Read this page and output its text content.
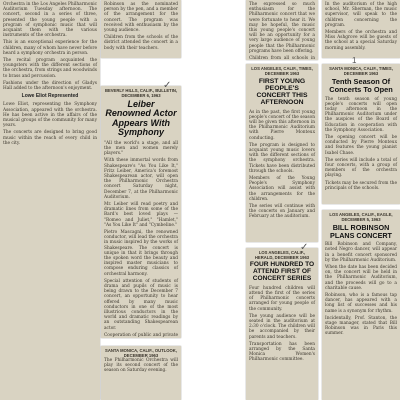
Orchestra in the Los Angeles Philharmonic Auditorium Tuesday afternoon. The concert, second in a series of three, presented the young people with a program of symphonic music that will acquaint them with the various instruments of the orchestra.

This is an exceptional experience for the children, many of whom have never before heard a symphony orchestra in person.

The recital program acquainted the youngsters with the different sections of the orchestra, from strings and woodwinds to brass and percussion.

Fashions under the direction of Gladys Hall added to the afternoon's enjoyment.

Lowe Eliot Represented

Lowe Eliot, representing the Symphony Association, appeared with the orchestra. He has been active in the affairs of the musical groups of the community for many years.

The concerts are designed to bring good music within the reach of every child in the city.

Robinson as the nominated person by the pen, and a member of the arrangement for the concert. The program was received with enthusiasm by the young audience.

Children from the schools of the district attended the concert in a body with their teachers.

BEVERLY HILLS, CALIF., BULLETIN, DECEMBER 6, 1963
Leiber Renowned Actor Appears With Symphony

"All the world's a stage, and all the men and women merely players."

With these immortal words from Shakespeare's "As You Like It," Fritz Leiber, America's foremost Shakespearean actor, will open the Philharmonic Orchestra concert Saturday night, December 7, at the Philharmonic Auditorium.

Mr. Leiber will read poetry and dramatic lines from some of the Bard's best loved plays — "Romeo and Juliet," "Hamlet," "As You Like It" and "Cymbeline."

Pietro Mascagni, the renowned conductor, will lead the orchestra in music inspired by the works of Shakespeare. The concert is unique in that it brings through the spoken word the beauty and inspired master musicians to compose enduring classics of orchestral harmony.

Special attention of students of drama and pupils of music is being drawn to the December 7 concert, an opportunity to hear offered by many music conductors in one of the most illustrious conductors in the world and dramatic readings by an outstanding Shakespearean actor.

Cooperation of public and private

SANTA MONICA, CALIF., OUTLOOK, DECEMBER 1963

The Philharmonic Orchestra will play its second concert of the season on Saturday evening.

The expressed so much enthusiasm for the Philharmonic concert that we were fortunate to hear it. We may be hopeful, the music this young people's concert will be an opportunity for a very large audience of young people that the Philharmonic programs have been offering.

Children from all schools in

LOS ANGELES, CALIF., TIMES, DECEMBER 1963
FIRST YOUNG PEOPLE'S CONCERT THIS AFTERNOON

As in the past, the first young people's concert of the season will be given this afternoon in the Philharmonic Auditorium with Pierre Monteux conducting.

The program is designed to acquaint young music lovers with the different sections of the symphony orchestra. Tickets have been distributed through the schools.

Members of the Young People's Symphony Association will assist with the arrangements for the children.

The series will continue with the concerts on January and February at the auditorium.

LOS ANGELES, CALIF., HERALD, DECEMBER 1963
FOUR HUNDRED TO ATTEND FIRST OF CONCERT SERIES

Four hundred children will attend the first of the series of Philharmonic concerts arranged for young people of the community.

The young audience will be seated in the auditorium at 2:30 o'clock. The children will be accompanied by their parents and teachers.

Transportation has been arranged by the Santa Monica Women's Philharmonic committee.

In the auditorium of the high school, Mr. Sherman, the music supervisor, will speak to the children concerning the program.

Members of the orchestra and Miss Ashgrove will be guests of the school at a special Saturday morning assembly.

SANTA MONICA, CALIF., TIMES, DECEMBER 1963
Tenth Season Of Concerts To Open

The tenth season of young people's concerts will open today afternoon in the Philharmonic Auditorium under the auspices of the Board of Education in cooperation with the Symphony Association.

The opening concert will be conducted by Pierre Monteux and features the young pianist Isabel Chase.

The series will include a total of four concerts, with a group of members of the orchestra playing.

Tickets may be secured from the principals of the schools.

LOS ANGELES, CALIF., EAGLE, DECEMBER 5, 1963
BILL ROBINSON PLANS CONCERT

Bill Robinson and Company, noted Negro dancer, will appear in a benefit concert sponsored by the Philharmonic Auditorium.

When the date has been decided on, the concert will be held in the Philharmonic Auditorium, and the proceeds will go to a charitable cause.

Robinson, who is a famous tap dancer, has appeared with a long list of successes and his name is a synonym for rhythm.

Incidentally, Prof. Stanton, the stage manager, stated that Bill Robinson was in Paris this summer.

✓
✓
1
